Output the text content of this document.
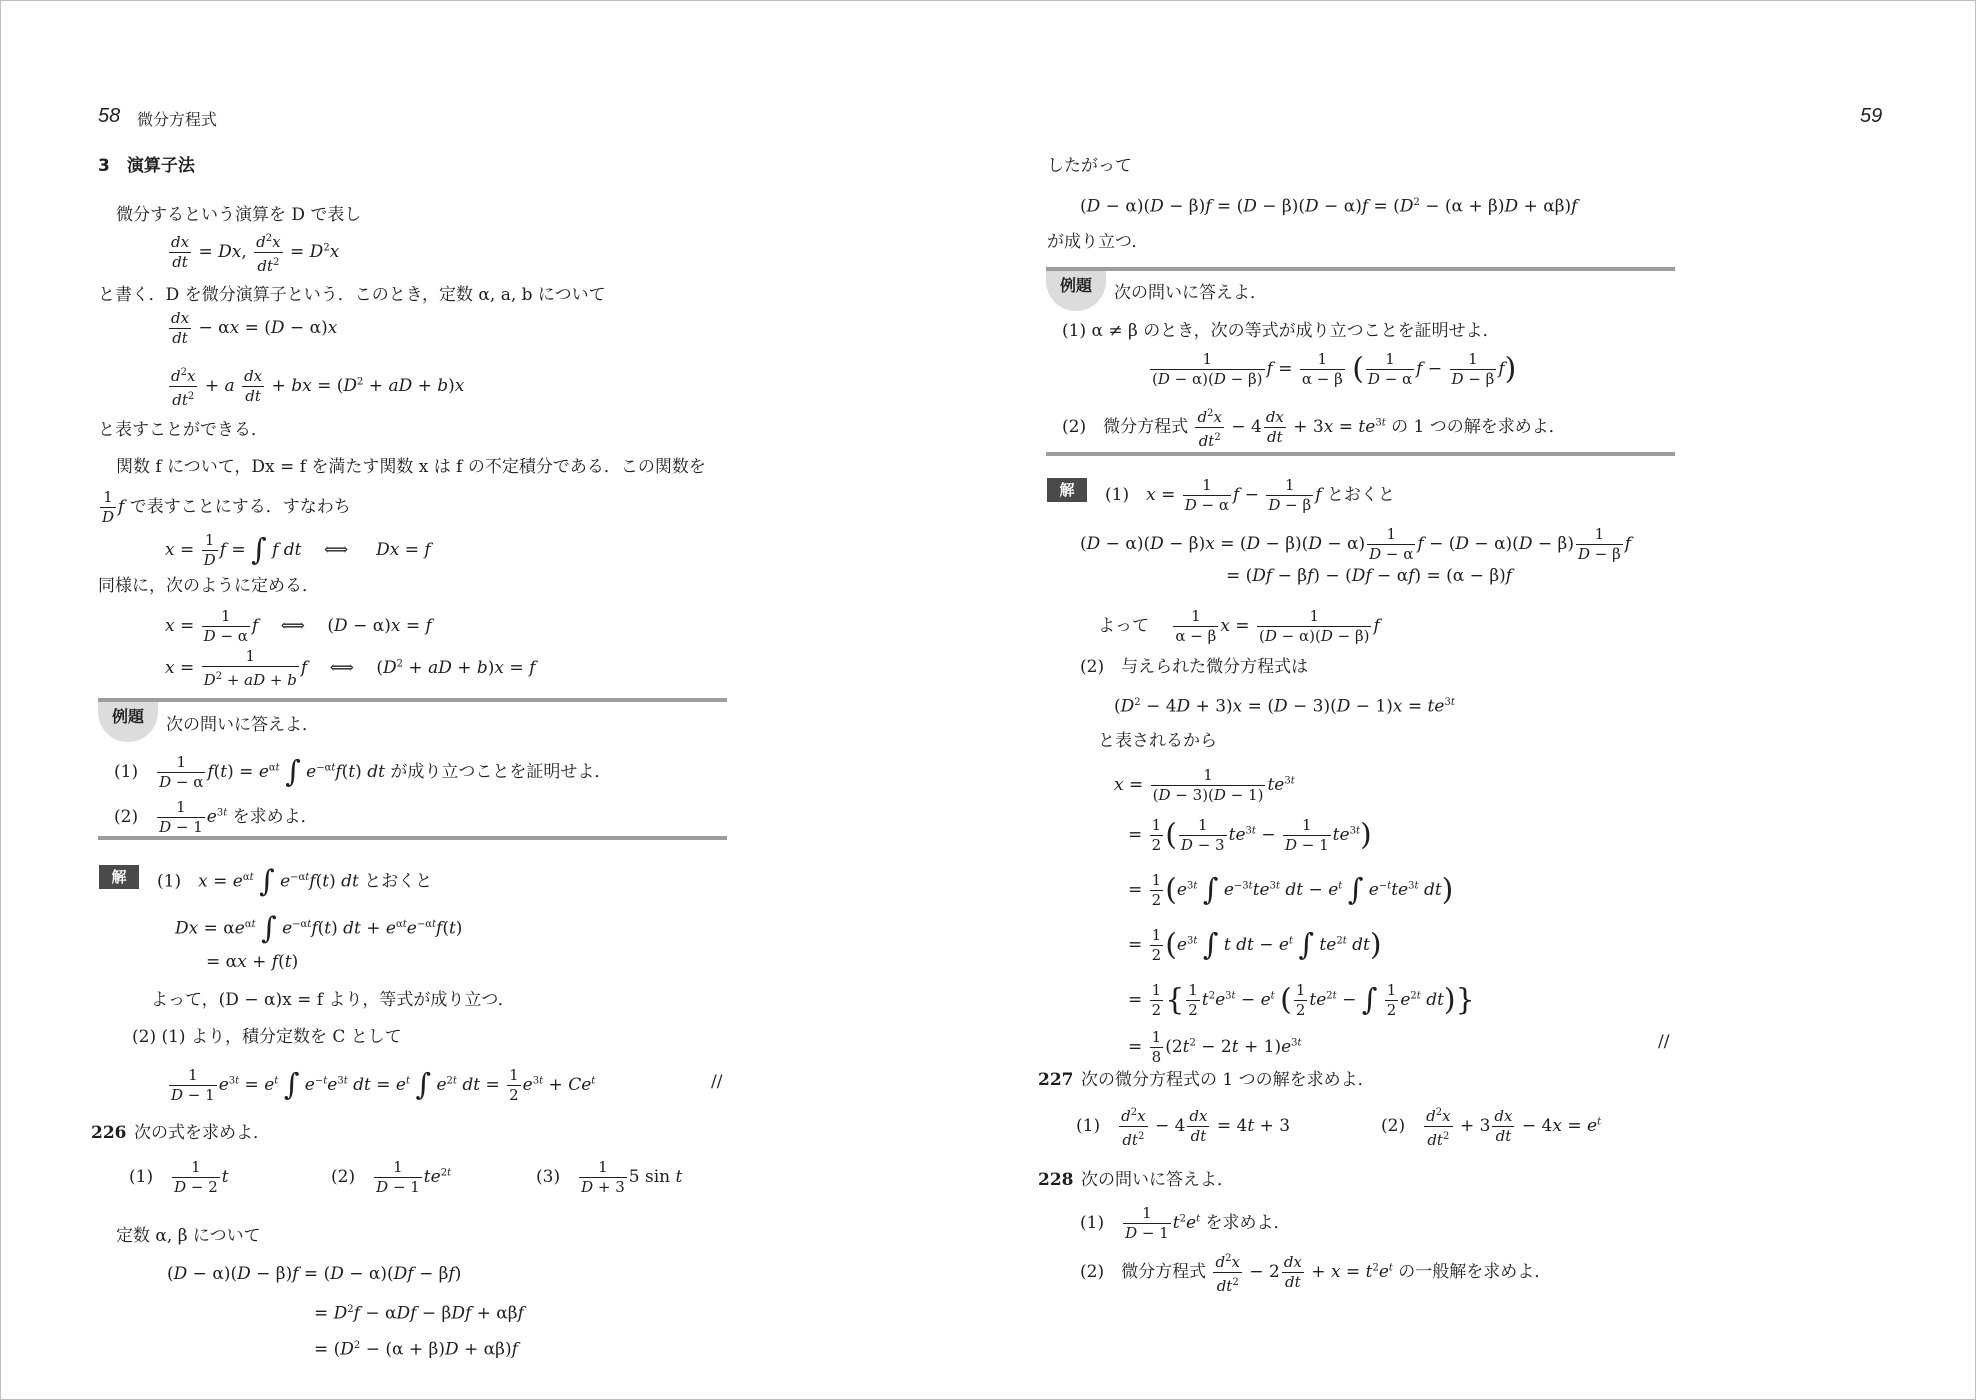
58 微分方程式
3　演算子法
微分するという演算を D で表し
$\frac{dx}{dt} = Dx$, $\frac{d^2x}{dt^2} = D^2x$
と書く．D を微分演算子という．このとき，定数 α, a, b について
$\frac{dx}{dt} - \alpha x = (D - \alpha)x$
$\frac{d^2x}{dt^2} + a \frac{dx}{dt}$ + bx = ($D^2$ + aD + b)x
と表すことができる．
関数 f について，Dx = f を満たす関数 x は f の不定積分である．この関数を
$\frac{1}{D}$ f で表すことにする．すなわち
$x = \frac{1}{D}$ f = ∫ f dt　 ⟺ 　 Dx = f
同様に，次のように定める．
$x = \frac{1}{D - \alpha}$ f　 ⟺ 　(D − α)x = f
$x = \frac{1}{D^2 + aD + b}$ f　 ⟺ 　($D^2$ + aD + b)x = f
例題	次の問いに答えよ．
(1)　 $\frac{1}{D - \alpha} f(t) = e^{\alpha t}$ ∫ $e^{-\alpha t}f(t)$ dt が成り立つことを証明せよ．
(2)　 $\frac{1}{D - 1} e^{3t}$ を求めよ．
解	(1)　$x = e^{\alpha t}$ ∫ $e^{-\alpha t}f(t)$ dt とおくと
$Dx = \alpha e^{\alpha t}$ ∫ $e^{-\alpha t}f(t)$ dt + $e^{\alpha t}e^{-\alpha t}f(t)$
= αx + f(t)
よって，(D − α)x = f より，等式が成り立つ．
(2) (1) より，積分定数を C として
$\frac{1}{D - 1} e^{3t} = e^t$ ∫ $e^{-t}e^{3t}$ dt = $e^t$ ∫ $e^{2t}$ dt = $\frac{1}{2} e^{3t} + Ce^t$	//
226 次の式を求めよ．
(1)　 $\frac{1}{D - 2}$ t	(2)　 $\frac{1}{D - 1} te^{2t}$	(3)　 $\frac{1}{D + 3} 5$ sin t
定数 α, β について
(D − α)(D − β)f = (D − α)(Df − βf)
= $D^2f - \alpha Df - \beta Df + \alpha\beta f$
= $(D^2 - (\alpha + \beta)D + \alpha\beta)f$
59
したがって
$(D - \alpha)(D - \beta)f = (D - \beta)(D - \alpha)f = (D^2 - (\alpha + \beta)D + \alpha\beta)f$
が成り立つ．
例題	次の問いに答えよ．
(1) α ≠ β のとき，次の等式が成り立つことを証明せよ．
$\frac{1}{(D - \alpha)(D - \beta)}$ $f = \frac{1}{\alpha - \beta}$ ( $\frac{1}{D - \alpha}$ $f - \frac{1}{D - \beta} f$)
(2)　微分方程式 $\frac{d^2x}{dt^2} - 4 \frac{dx}{dt} + 3x = te^{3t}$ の 1 つの解を求めよ．
解	(1)　$x = \frac{1}{D - \alpha}$ $f - \frac{1}{D - \beta}$ f とおくと
$(D - \alpha)(D - \beta)x = (D - \beta)(D - \alpha) \frac{1}{D - \alpha}$ $f - (D - \alpha)(D - \beta) \frac{1}{D - \beta}$ f
= (Df − βf) − (Df − αf) = (α − β)f
よって　 $\frac{1}{\alpha - \beta}$ $x = \frac{1}{(D - \alpha)(D - \beta)}$ f
(2)　与えられた微分方程式は
$(D^2 - 4D + 3)x = (D - 3)(D - 1)x = te^{3t}$
と表されるから
$x = \frac{1}{(D - 3)(D - 1)} te^{3t}$
= $\frac{1}{2}$ ( $\frac{1}{D - 3} te^{3t} - \frac{1}{D - 1} te^{3t}$)
= $\frac{1}{2} (e^{3t}$ ∫ $e^{-3t}te^{3t}$ dt − $e^t$ ∫ $e^{-t}te^{3t}$ dt)
= $\frac{1}{2} (e^{3t}$ ∫ t dt − $e^t$ ∫ $te^{2t}$ dt)
= $\frac{1}{2}$ { $\frac{1}{2} t^2e^{3t} - e^t$ ( $\frac{1}{2} te^{2t}$ − ∫ $\frac{1}{2} e^{2t}$ dt)}
= $\frac{1}{8} (2t^2 - 2t + 1)e^{3t}$	//
227 次の微分方程式の 1 つの解を求めよ．
(1)　 $\frac{d^2x}{dt^2} - 4 \frac{dx}{dt} = 4t + 3$	(2)　 $\frac{d^2x}{dt^2} + 3 \frac{dx}{dt} - 4x = e^t$
228 次の問いに答えよ．
(1)　 $\frac{1}{D - 1} t^2e^t$ を求めよ．
(2)　微分方程式 $\frac{d^2x}{dt^2} - 2 \frac{dx}{dt} + x = t^2e^t$ の一般解を求めよ．
